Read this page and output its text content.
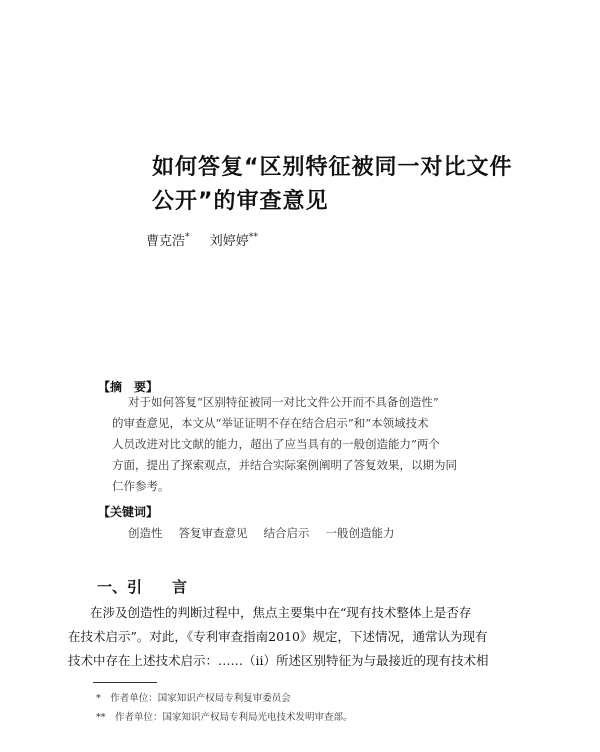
如何答复“区别特征被同一对比文件
公开”的审查意见
曹克浩* 刘婷婷**
【摘　要】
对于如何答复“区别特征被同一对比文件公开而不具备创造性”
的审查意见，本文从“举证证明不存在结合启示”和“本领域技术
人员改进对比文献的能力，超出了应当具有的一般创造能力”两个
方面，提出了探索观点，并结合实际案例阐明了答复效果，以期为同
仁作参考。
【关键词】
创造性 答复审查意见 结合启示 一般创造能力
一、引　　言
在涉及创造性的判断过程中，焦点主要集中在“现有技术整体上是否存
在技术启示”。对此，《专利审查指南2010》规定，下述情况，通常认为现有
技术中存在上述技术启示：……（ii）所述区别特征为与最接近的现有技术相
*　作者单位：国家知识产权局专利复审委员会
**　作者单位：国家知识产权局专利局光电技术发明审查部。
